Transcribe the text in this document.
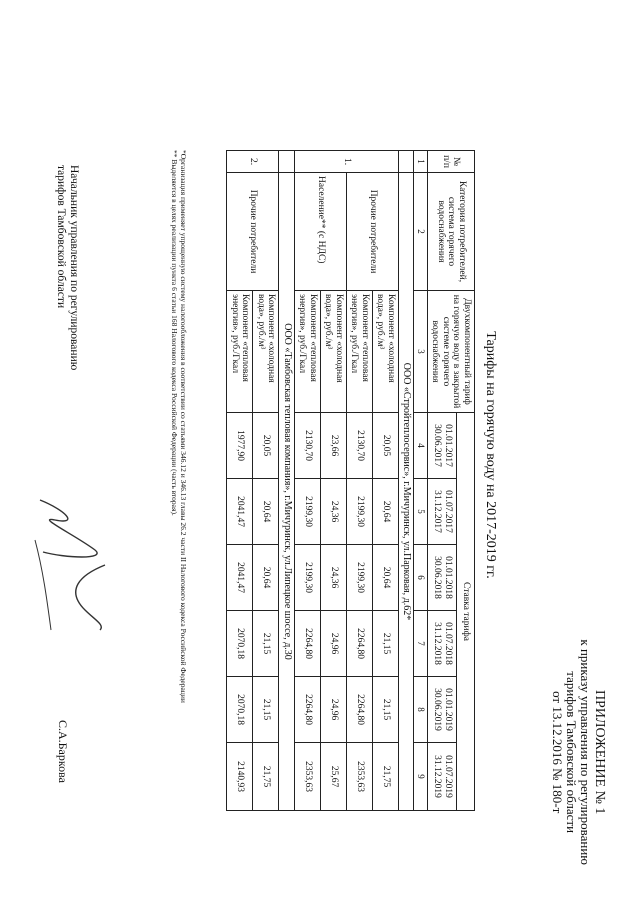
ПРИЛОЖЕНИЕ № 1
к приказу управления по регулированию
тарифов Тамбовской области
от 13.12.2016 № 180-т
Тарифы на горячую воду на 2017-2019 гг.
№ п/п	Категория потребителей, система горячего водоснабжения	Двухкомпонентный тариф на горячую воду в закрытой системе горячего водоснабжения	Ставка тарифа					
			01.01.2017 30.06.2017	01.07.2017 31.12.2017	01.01.2018 30.06.2018	01.07.2018 31.12.2018	01.01.2019 30.06.2019	01.07.2019 31.12.2019
1	2	3	4	5	6	7	8	9
	ООО «Стройтеплосервис», г.Мичуринск, ул.Парковая, д.62*							
1.	Прочие потребители	Компонент «холодная вода», руб./м³	20,05	20,64	20,64	21,15	21,15	21,75
		Компонент «тепловая энергия», руб./Гкал	2130,70	2199,30	2199,30	2264,80	2264,80	2353,63
	Население** (с НДС)	Компонент «холодная вода», руб./м³	23,66	24,36	24,36	24,96	24,96	25,67
		Компонент «тепловая энергия», руб./Гкал	2130,70	2199,30	2199,30	2264,80	2264,80	2353,63
	ООО «Тамбовская тепловая компания», г.Мичуринск, ул.Липецкое шоссе, д.30							
2.	Прочие потребители	Компонент «холодная вода», руб./м³	20,05	20,64	20,64	21,15	21,15	21,75
		Компонент «тепловая энергия», руб./Гкал	1977,90	2041,47	2041,47	2070,18	2070,18	2140,93
*Организация применяет упрощенную систему налогообложения в соответствии со статьями 346.12 и 346.13 главы 26.2 части II Налогового кодекса Российской Федерации
** Выделяется в целях реализации пункта 6 статьи 168 Налогового кодекса Российской Федерации (часть вторая).
Начальник управления по регулированию
тарифов Тамбовской области
С.А.Баркова
